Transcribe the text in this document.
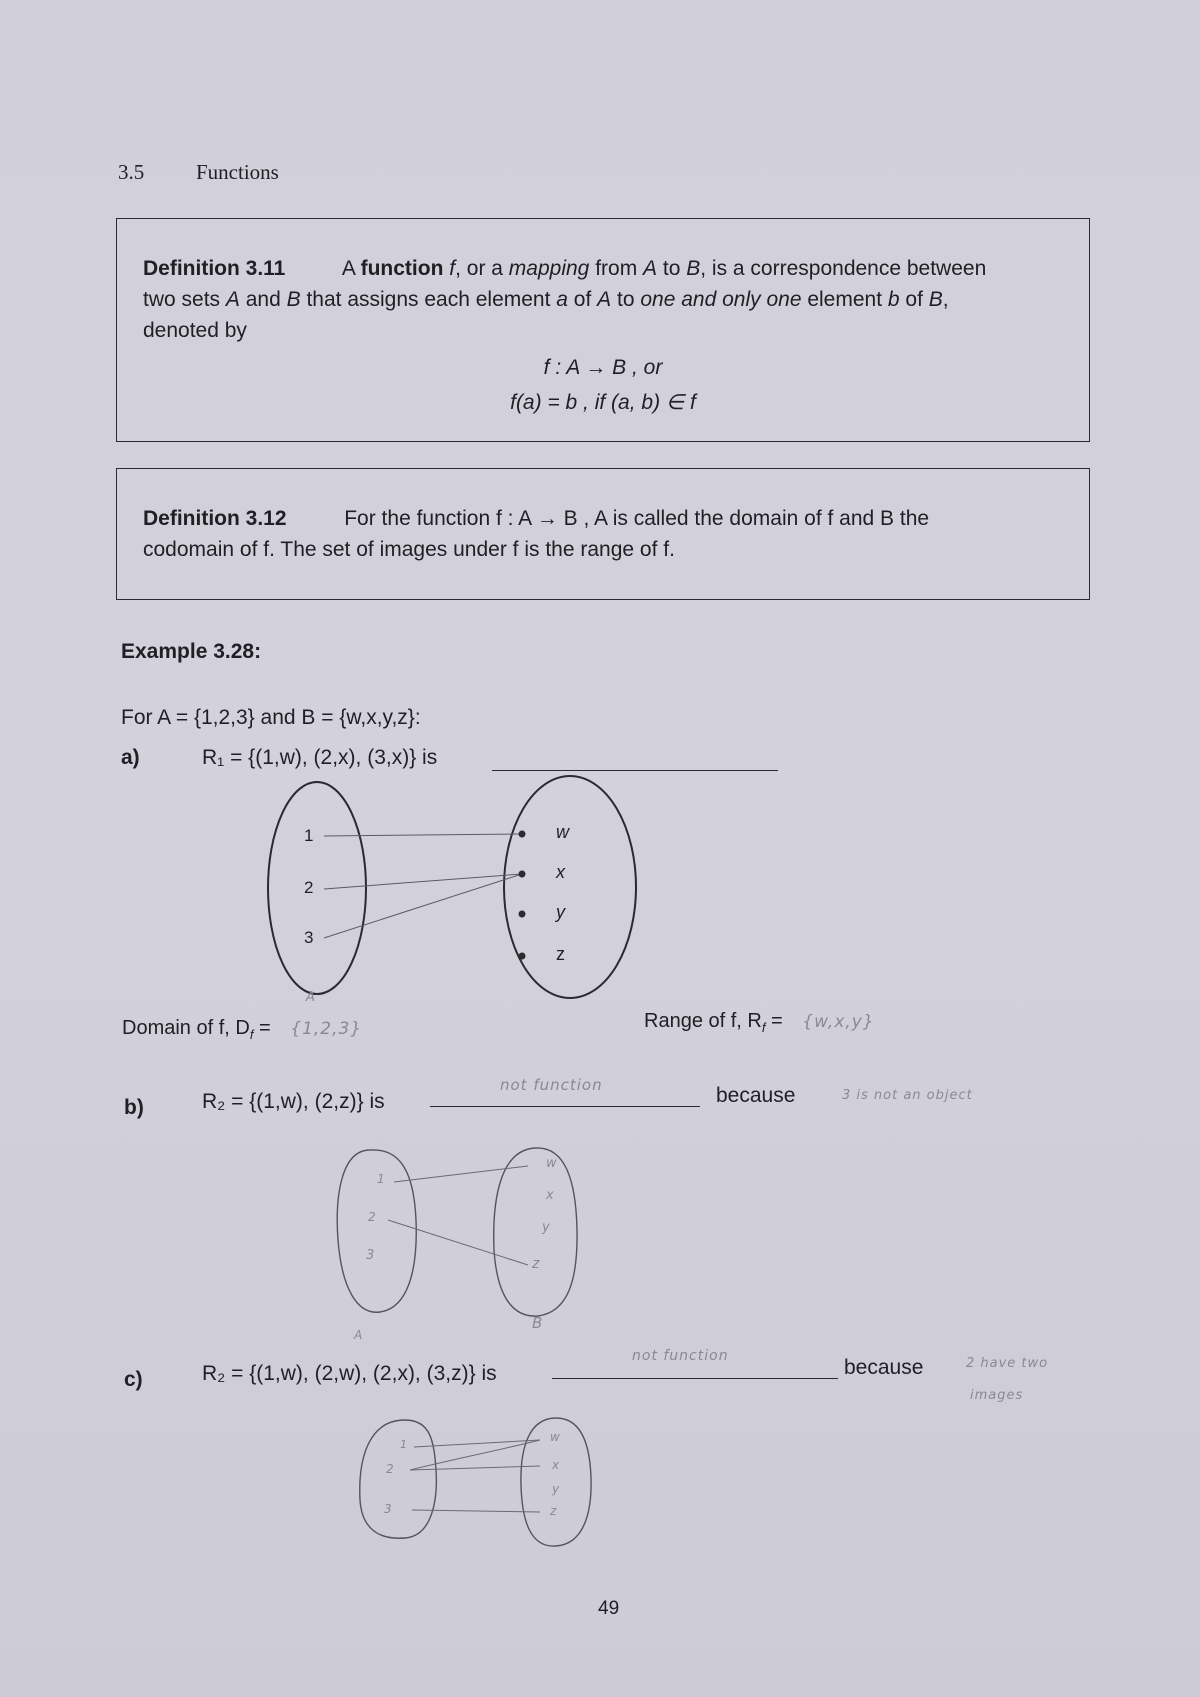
3.5 Functions
Definition 3.11	A function f, or a mapping from A to B, is a correspondence between
two sets A and B that assigns each element a of A to one and only one element b of B,
denoted by
f : A → B , or
f(a) = b , if (a, b) ∈ f
Definition 3.12	For the function f : A → B , A is called the domain of f and B the
codomain of f. The set of images under f is the range of f.
Example 3.28:
For A = {1,2,3} and B = {w,x,y,z}:
a)	R₁ = {(1,w), (2,x), (3,x)} is
1
2
3
w
x
y
z
A
Domain of f, $D_f = \{1,2,3\}$	Range of f, $R_f = \{w,x,y\}$
b)	R₂ = {(1,w), (2,z)} is
not function	because	3 is not an object
1
2
3
w
x
y
z
A
B
c)	R₂ = {(1,w), (2,w), (2,x), (3,z)} is
not function	because	2 have two
images
1
2
3
w
x
y
z
49
